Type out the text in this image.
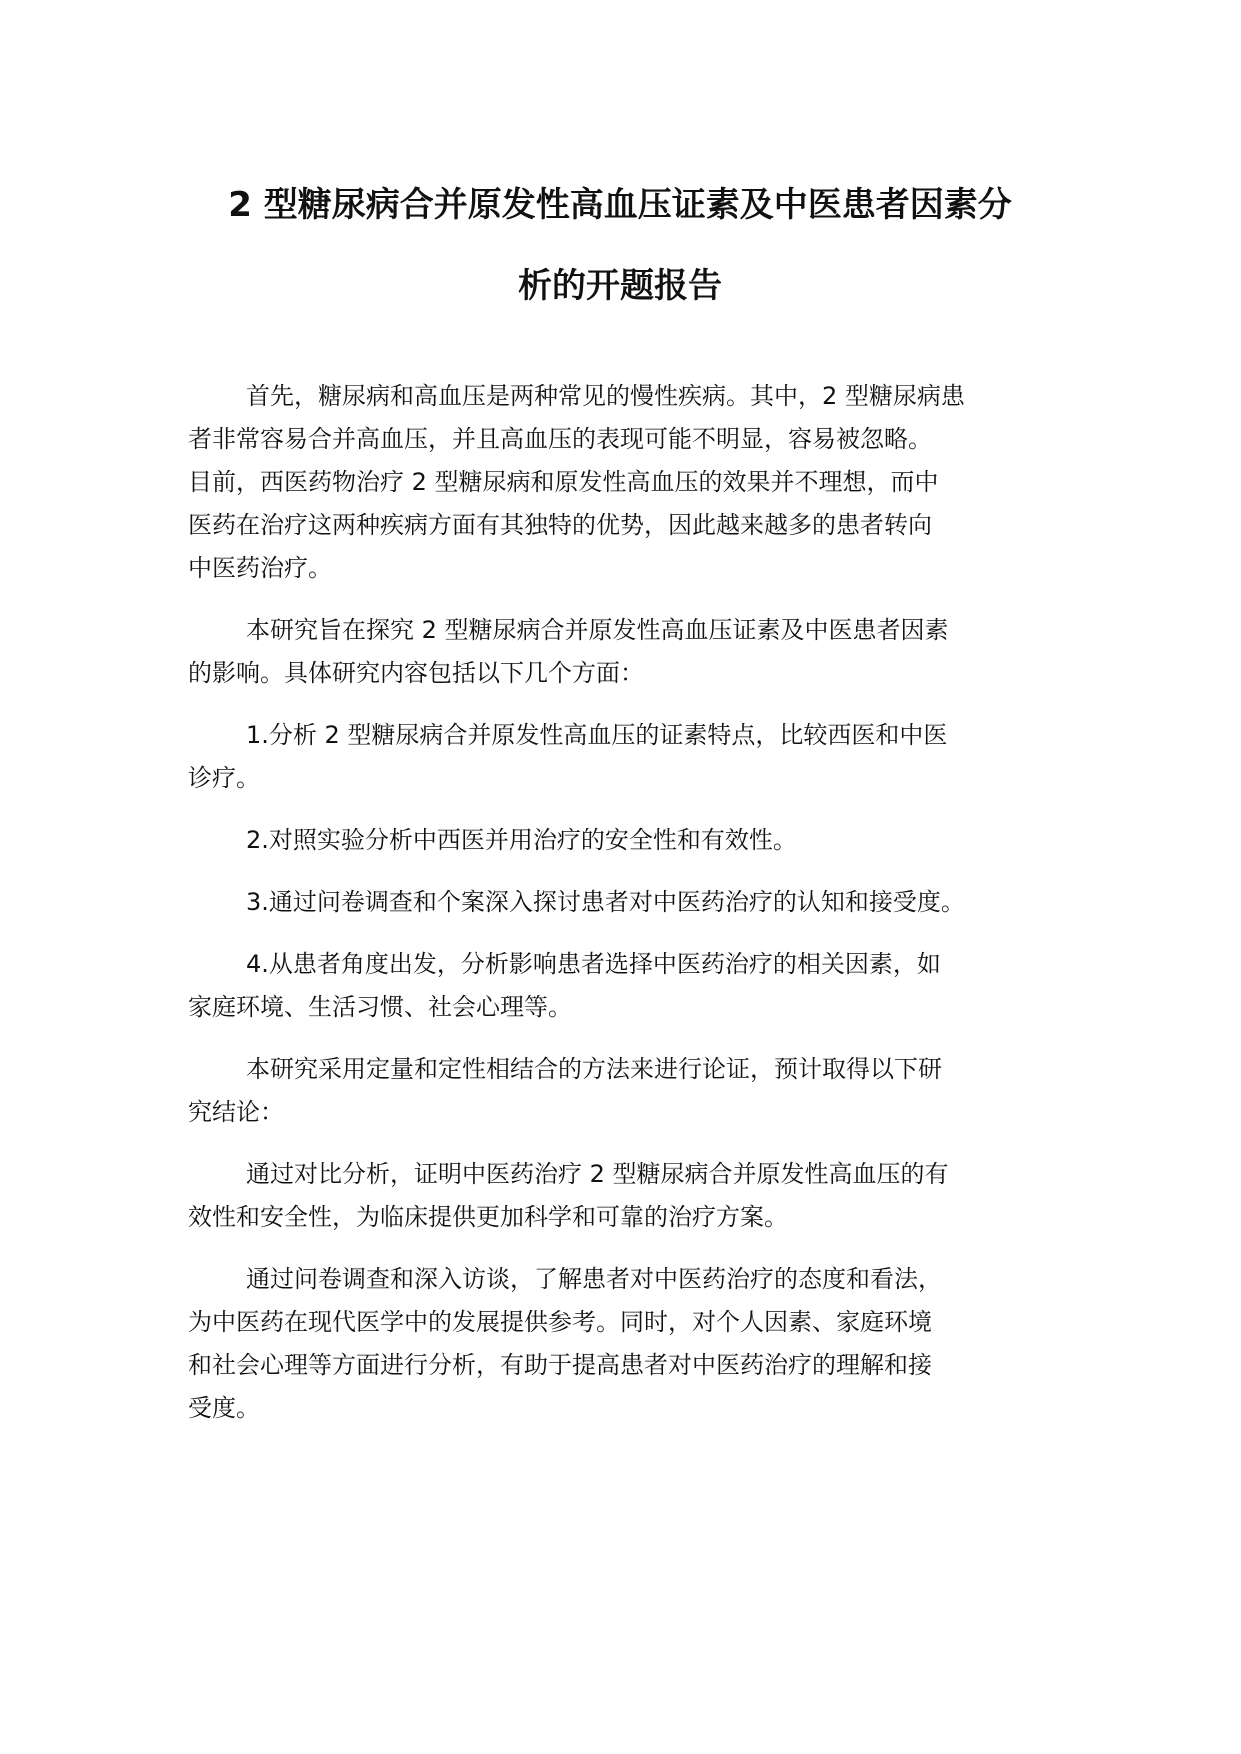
2 型糖尿病合并原发性高血压证素及中医患者因素分
析的开题报告

首先，糖尿病和高血压是两种常见的慢性疾病。其中，2 型糖尿病患
者非常容易合并高血压，并且高血压的表现可能不明显，容易被忽略。
目前，西医药物治疗 2 型糖尿病和原发性高血压的效果并不理想，而中
医药在治疗这两种疾病方面有其独特的优势，因此越来越多的患者转向
中医药治疗。

本研究旨在探究 2 型糖尿病合并原发性高血压证素及中医患者因素
的影响。具体研究内容包括以下几个方面：

1.分析 2 型糖尿病合并原发性高血压的证素特点，比较西医和中医
诊疗。

2.对照实验分析中西医并用治疗的安全性和有效性。

3.通过问卷调查和个案深入探讨患者对中医药治疗的认知和接受度。

4.从患者角度出发，分析影响患者选择中医药治疗的相关因素，如
家庭环境、生活习惯、社会心理等。

本研究采用定量和定性相结合的方法来进行论证，预计取得以下研
究结论：

通过对比分析，证明中医药治疗 2 型糖尿病合并原发性高血压的有
效性和安全性，为临床提供更加科学和可靠的治疗方案。

通过问卷调查和深入访谈，了解患者对中医药治疗的态度和看法，
为中医药在现代医学中的发展提供参考。同时，对个人因素、家庭环境
和社会心理等方面进行分析，有助于提高患者对中医药治疗的理解和接
受度。
